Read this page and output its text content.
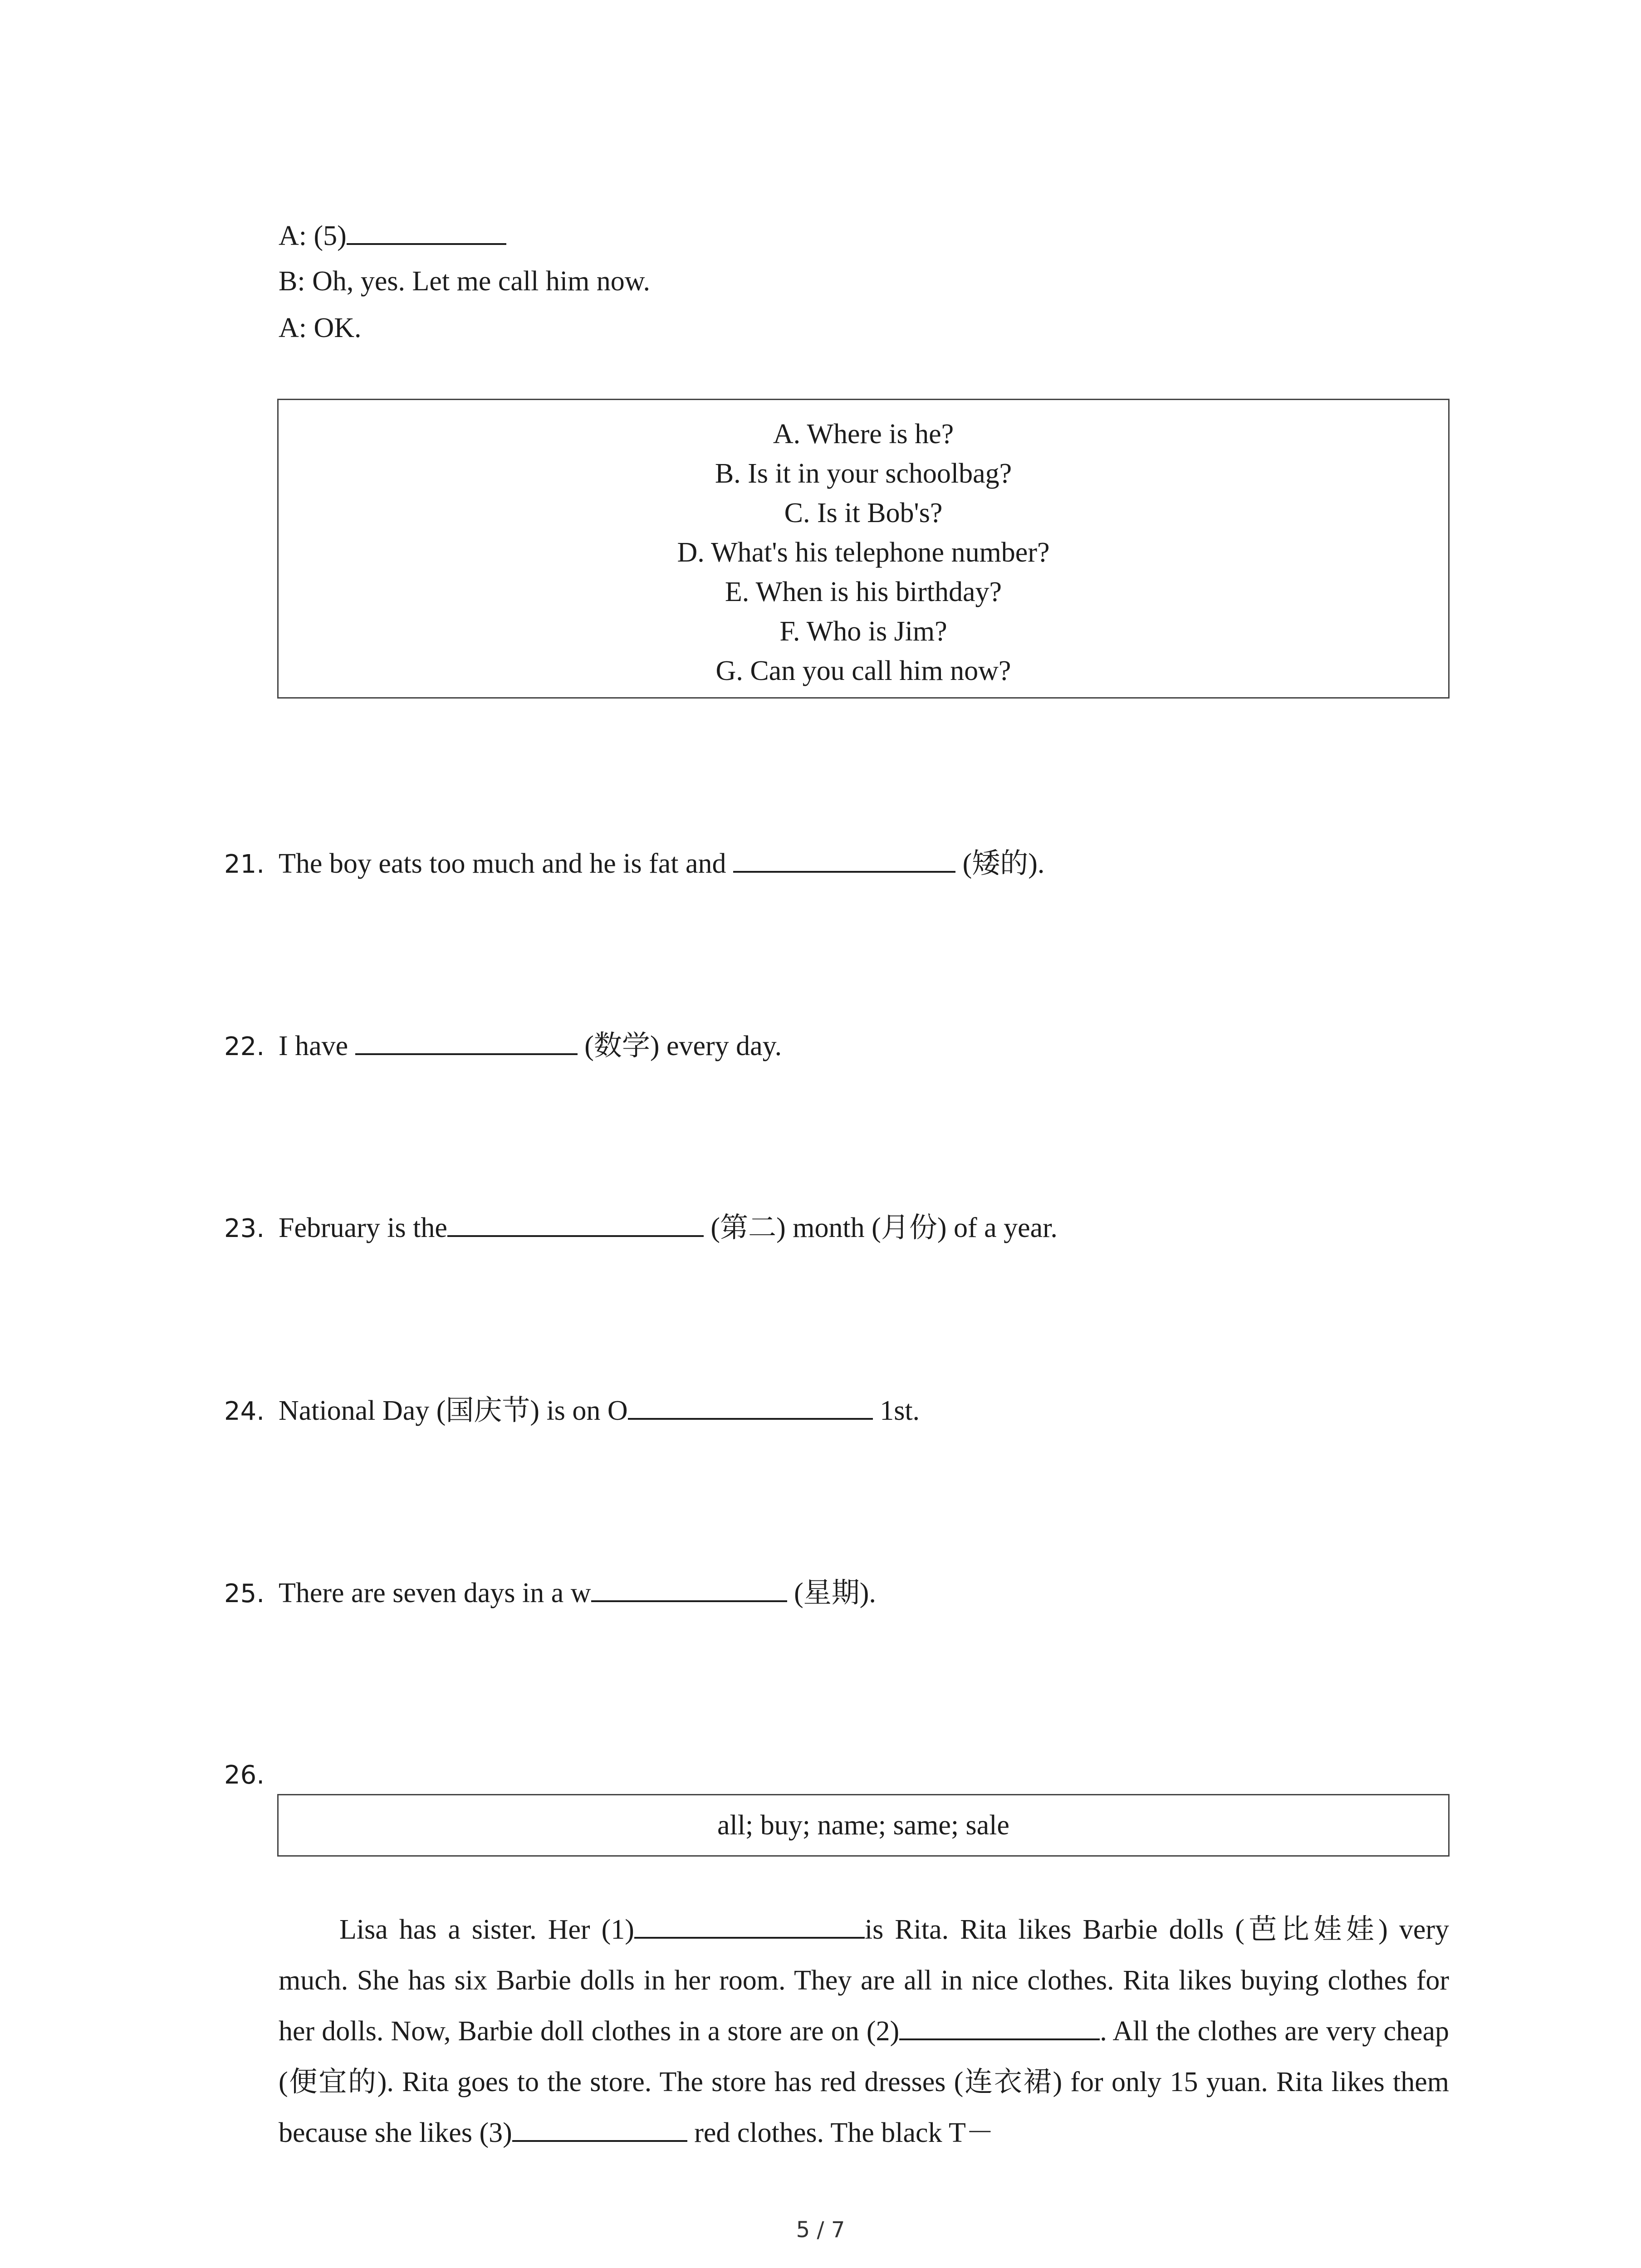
A: (5)
B: Oh, yes. Let me call him now.
A: OK.
A. Where is he?
B. Is it in your schoolbag?
C. Is it Bob's?
D. What's his telephone number?
E. When is his birthday?
F. Who is Jim?
G. Can you call him now?
21. The boy eats too much and he is fat and	(矮的).
22. I have	(数学) every day.
23. February is the	(第二) month (月份) of a year.
24. National Day (国庆节) is on O	1st.
25. There are seven days in a w	(星期).
26.
all; buy; name; same; sale

Lisa has a sister. Her (1)	is Rita. Rita likes Barbie dolls (芭比娃娃) very much. She has six Barbie dolls in her room. They are all in nice clothes. Rita likes buying clothes for her dolls. Now, Barbie doll clothes in a store are on (2)	. All the clothes are very cheap (便宜的). Rita goes to the store. The store has red dresses (连衣裙) for only 15 yuan. Rita likes them because she likes (3)	red clothes. The black T－

5 / 7
